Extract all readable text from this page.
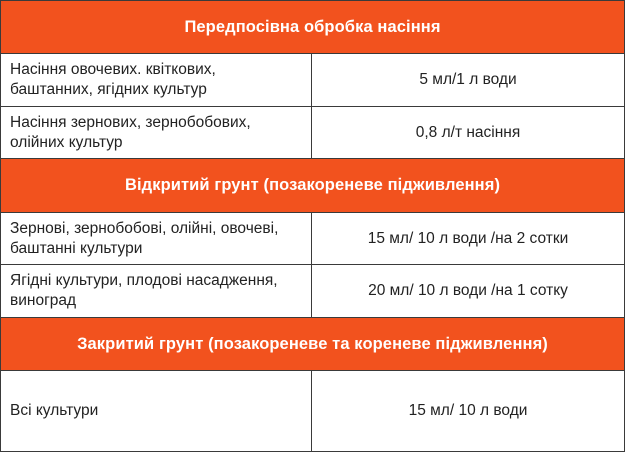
Передпосівна обробка насіння
Насіння овочевих. квіткових,
баштанних, ягідних культур
5 мл/1 л води
Насіння зернових, зернобобових,
олійних культур
0,8 л/т насіння
Відкритий грунт (позакореневе підживлення)
Зернові, зернобобові, олійні, овочеві,
баштанні культури
15 мл/ 10 л води /на 2 сотки
Ягідні культури, плодові насадження,
виноград
20 мл/ 10 л води /на 1 сотку
Закритий грунт (позакореневе та кореневе підживлення)
Всі культури	15 мл/ 10 л води
